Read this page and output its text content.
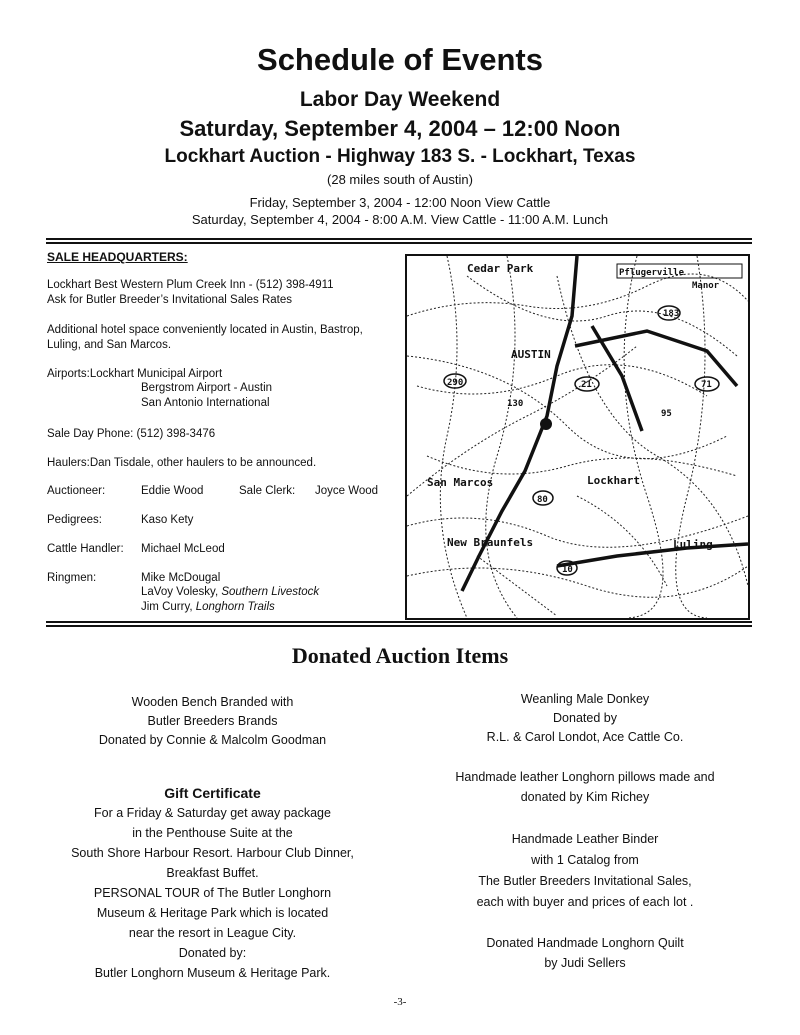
Schedule of Events
Labor Day Weekend
Saturday, September 4, 2004 – 12:00 Noon
Lockhart Auction - Highway 183 S. - Lockhart, Texas
(28 miles south of Austin)
Friday, September 3, 2004 - 12:00 Noon View Cattle
Saturday, September 4, 2004 - 8:00 A.M. View Cattle - 11:00 A.M. Lunch
SALE HEADQUARTERS:
Lockhart Best Western Plum Creek Inn - (512) 398-4911
Ask for Butler Breeder’s Invitational Sales Rates
Additional hotel space conveniently located in Austin, Bastrop,
Luling, and San Marcos.
Airports:Lockhart Municipal Airport
Bergstrom Airport - Austin
San Antonio International
Sale Day Phone: (512) 398-3476
Haulers:Dan Tisdale, other haulers to be announced.
Auctioneer:	Eddie Wood	Sale Clerk: Joyce Wood
Pedigrees:	Kaso Kety
Cattle Handler: Michael McLeod
Ringmen:	Mike McDougal
LaVoy Volesky, Southern Livestock
Jim Curry, Longhorn Trails
Cedar Park	Pflugerville
Manor
AUSTIN
290	71
21
183
San Marcos	Lockhart
New Braunfels
80
Luling
10
95
130
Donated Auction Items
Wooden Bench Branded with
Butler Breeders Brands
Donated by Connie & Malcolm Goodman
Gift Certificate
For a Friday & Saturday get away package
in the Penthouse Suite at the
South Shore Harbour Resort. Harbour Club Dinner,
Breakfast Buffet.
PERSONAL TOUR of The Butler Longhorn
Museum & Heritage Park which is located
near the resort in League City.
Donated by:
Butler Longhorn Museum & Heritage Park.
Weanling Male Donkey
Donated by
R.L. & Carol Londot, Ace Cattle Co.
Handmade leather Longhorn pillows made and
donated by Kim Richey
Handmade Leather Binder
with 1 Catalog from
The Butler Breeders Invitational Sales,
each with buyer and prices of each lot .
Donated Handmade Longhorn Quilt
by Judi Sellers
-3-
